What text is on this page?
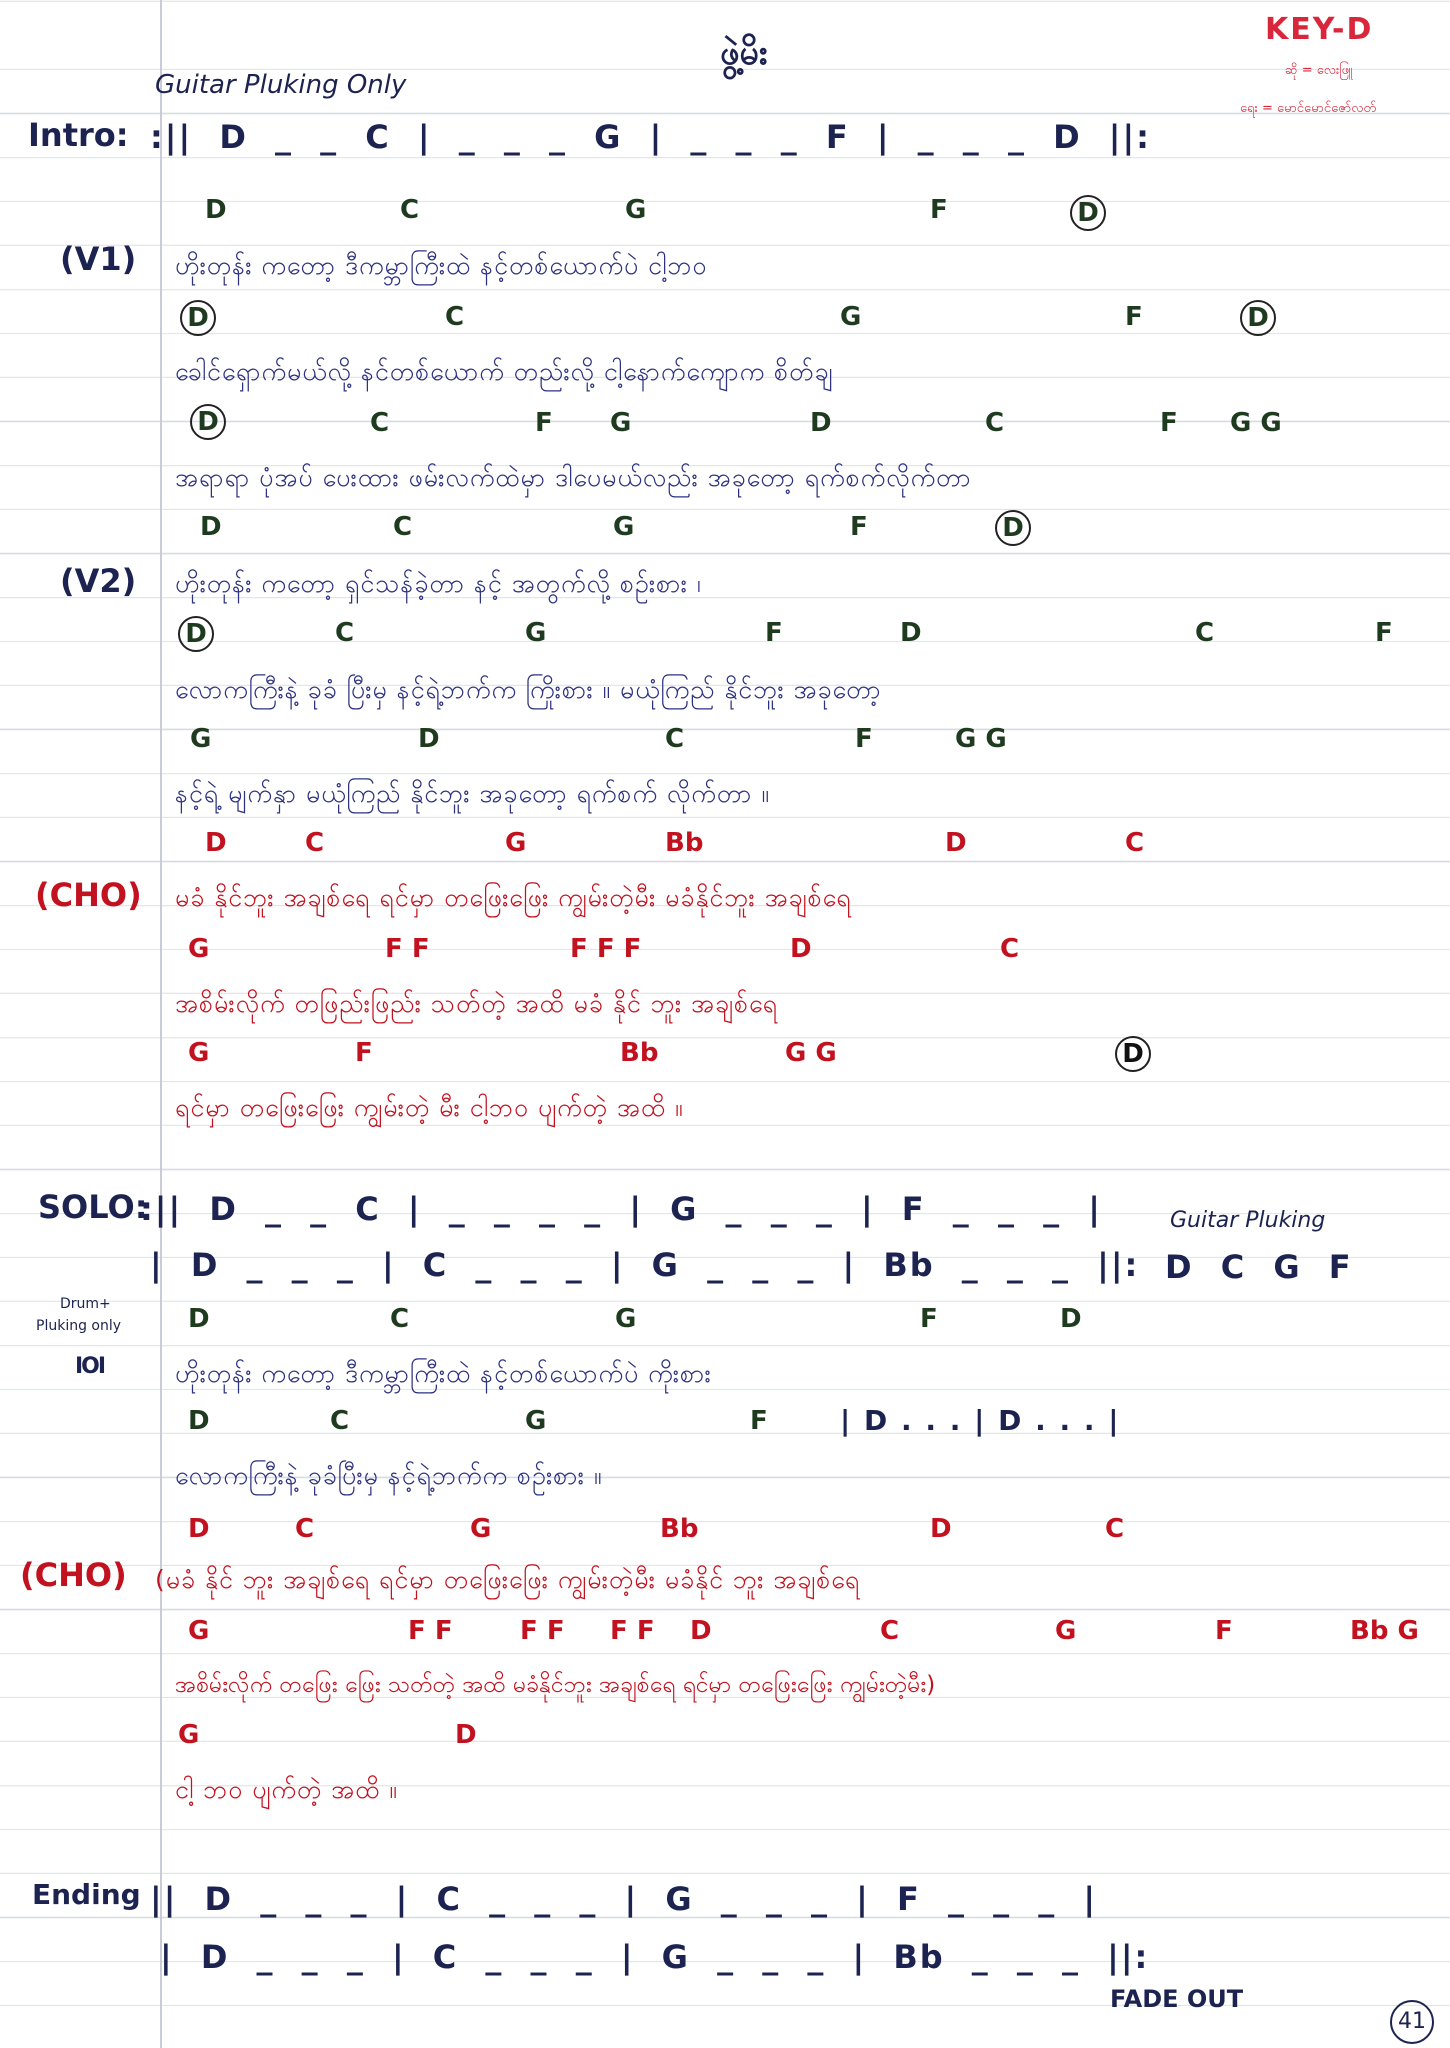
ဖွဲ့မိး
KEY-D
ဆို = လေးဖြူ
ရေး = မောင်မောင်ဇော်လတ်
Guitar Pluking Only
Intro: :|| D _ _ C | _ _ _ G | _ _ _ F | _ _ _ D ||:
(V1)
D	C	G	F	D
ဟိုးတုန်း ကတော့ ဒီကမ္ဘာကြီးထဲ နင့်တစ်ယောက်ပဲ ငါ့ဘဝ
D	C	G	F	D
ခေါင်ရှောက်မယ်လို့ နင်တစ်ယောက် တည်းလို့ ငါ့နောက်ကျောက စိတ်ချ
D	C	F G	D	C	F G G
အရာရာ ပုံအပ် ပေးထား ဖမ်းလက်ထဲမှာ ဒါပေမယ်လည်း အခုတော့ ရက်စက်လိုက်တာ
(V2)
D	C	G	F	D
ဟိုးတုန်း ကတော့ ရှင်သန်ခဲ့တာ နင့် အတွက်လို့ စဉ်းစား ၊
D	C	G	F	D	C	F
လောကကြီးနဲ့ ခုခံ ပြီးမှ နင့်ရဲ့ဘက်က ကြိုးစား ။ မယုံကြည် နိုင်ဘူး အခုတော့
G	D	C	F	G G
နင့်ရဲ့ မျက်နှာ မယုံကြည် နိုင်ဘူး အခုတော့ ရက်စက် လိုက်တာ ။
(CHO)
D	C	G	Bb	D	C
မခံ နိုင်ဘူး အချစ်ရေ ရင်မှာ တဖြေးဖြေး ကျွမ်းတဲ့မီး မခံနိုင်ဘူး အချစ်ရေ
G	F F	F F F	D	C
အစိမ်းလိုက် တဖြည်းဖြည်း သတ်တဲ့ အထိ မခံ နိုင် ဘူး အချစ်ရေ
G	F	Bb	G G	D
ရင်မှာ တဖြေးဖြေး ကျွမ်းတဲ့ မီး ငါ့ဘဝ ပျက်တဲ့ အထိ ။
SOLO:
:|| D _ _ C | _ _ _ _ | G _ _ _ | F _ _ _ |	Guitar Pluking
| D _ _ _ | C _ _ _ | G _ _ _ | Bb _ _ _ ||: D C G F
Drum+
Pluking only
IOI
D	C	G	F	D
ဟိုးတုန်း ကတော့ ဒီကမ္ဘာကြီးထဲ နင့်တစ်ယောက်ပဲ ကိုးစား
D	C	G	F	| D . . . | D . . . |
လောကကြီးနဲ့ ခုခံပြီးမှ နင့်ရဲ့ဘက်က စဉ်းစား ။
(CHO)
D	C	G	Bb	D	C
(မခံ နိုင် ဘူး အချစ်ရေ ရင်မှာ တဖြေးဖြေး ကျွမ်းတဲ့မီး မခံနိုင် ဘူး အချစ်ရေ
G	F F	F F F F D	C	G	F	Bb G
အစိမ်းလိုက် တဖြေး ဖြေး သတ်တဲ့ အထိ မခံနိုင်ဘူး အချစ်ရေ ရင်မှာ တဖြေးဖြေး ကျွမ်းတဲ့မီး)
G	D
ငါ့ ဘဝ ပျက်တဲ့ အထိ ။
Ending || D _ _ _ | C _ _ _ | G _ _ _ | F _ _ _ |
| D _ _ _ | C _ _ _ | G _ _ _ | Bb _ _ _ ||:
FADE OUT
41
